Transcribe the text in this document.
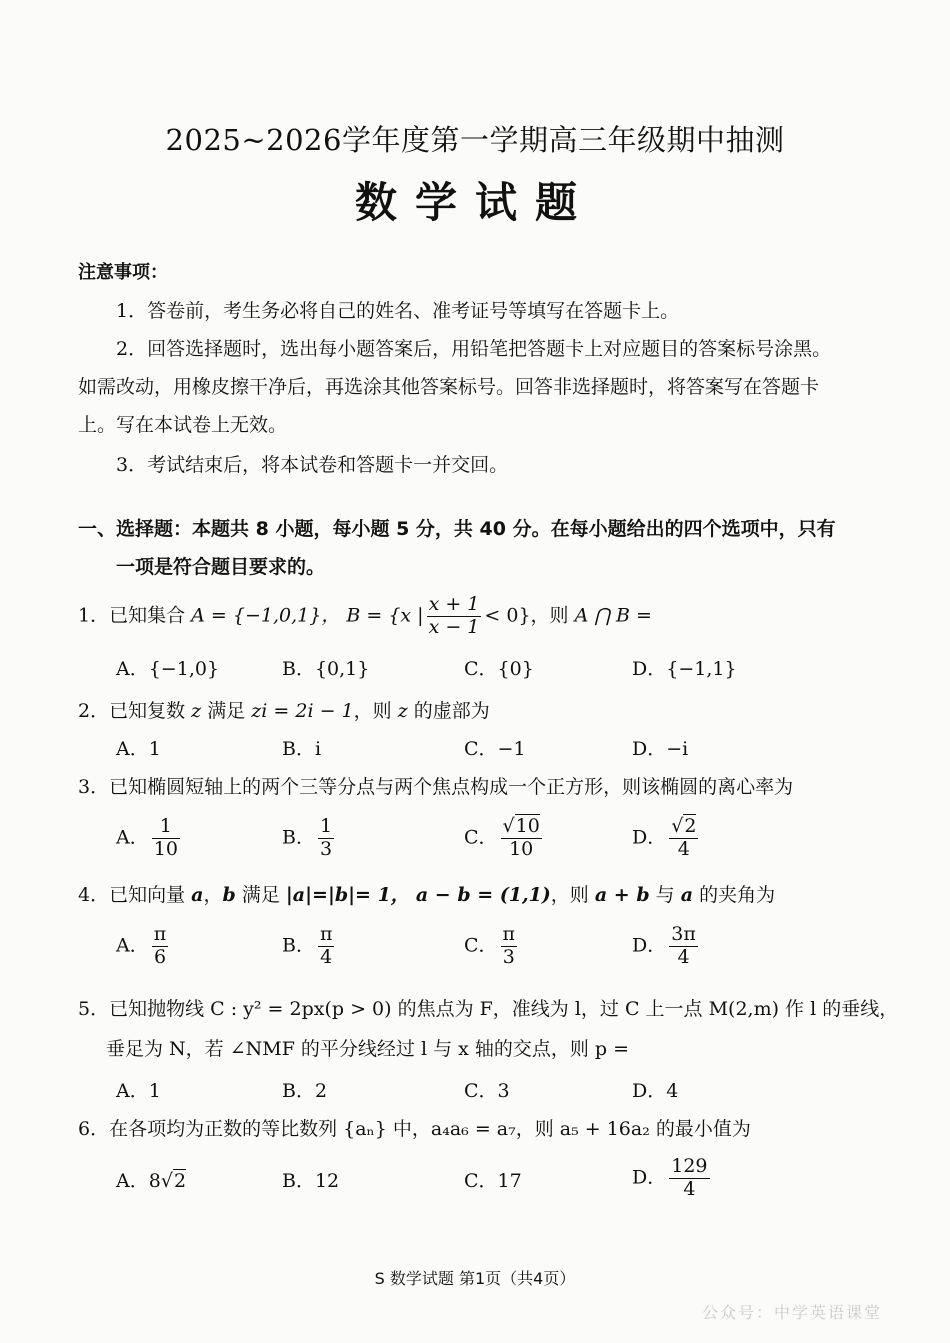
2025~2026学年度第一学期高三年级期中抽测
数学试题
注意事项：
1．答卷前，考生务必将自己的姓名、准考证号等填写在答题卡上。
2．回答选择题时，选出每小题答案后，用铅笔把答题卡上对应题目的答案标号涂黑。
如需改动，用橡皮擦干净后，再选涂其他答案标号。回答非选择题时，将答案写在答题卡
上。写在本试卷上无效。
3．考试结束后，将本试卷和答题卡一并交回。
一、选择题：本题共 8 小题，每小题 5 分，共 40 分。在每小题给出的四个选项中，只有
一项是符合题目要求的。
1．已知集合 A = {−1,0,1}， B = {x | $\frac{x + 1}{x - 1} < 0$}，则 A ⋂ B =
A．{−1,0}	B．{0,1}	C．{0}	D．{−1,1}
2．已知复数 z 满足 zi = 2i − 1，则 z 的虚部为
A．1	B．i	C．−1	D．−i
3．已知椭圆短轴上的两个三等分点与两个焦点构成一个正方形，则该椭圆的离心率为
A． $\frac{1}{10}$	B． $\frac{1}{3}$	C． $\frac{√10}{10}$	D． $\frac{√2}{4}$
4．已知向量 a，b 满足 |a|=|b|= 1， a − b = (1,1)，则 a + b 与 a 的夹角为
A． $\frac{\pi}{6}$	B． $\frac{\pi}{4}$	C． $\frac{\pi}{3}$	D． $\frac{3\pi}{4}$
5．已知抛物线 C : y² = 2px(p > 0) 的焦点为 F，准线为 l，过 C 上一点 M(2,m) 作 l 的垂线，
垂足为 N，若 ∠NMF 的平分线经过 l 与 x 轴的交点，则 p =
A．1	B．2	C．3	D．4
6．在各项均为正数的等比数列 {aₙ} 中，a₄a₆ = a₇，则 a₅ + 16a₂ 的最小值为
A．8√2	B．12	C．17	D． $\frac{129}{4}$
S 数学试题 第1页（共4页）
公众号：中学英语课堂
